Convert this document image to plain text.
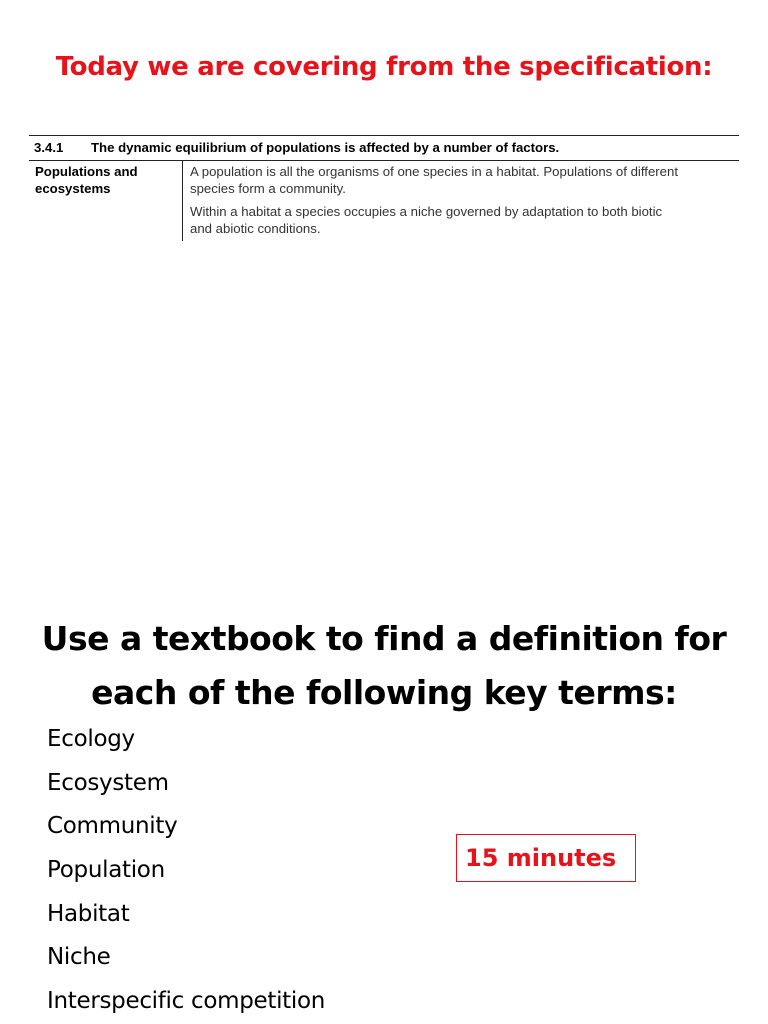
Today we are covering from the specification:
3.4.1	The dynamic equilibrium of populations is affected by a number of factors.
Populations and
ecosystems

A population is all the organisms of one species in a habitat. Populations of different
species form a community.

Within a habitat a species occupies a niche governed by adaptation to both biotic
and abiotic conditions.

Use a textbook to find a definition for
each of the following key terms:
Ecology
Ecosystem
Community
Population
Habitat
Niche
Interspecific competition
15 minutes
